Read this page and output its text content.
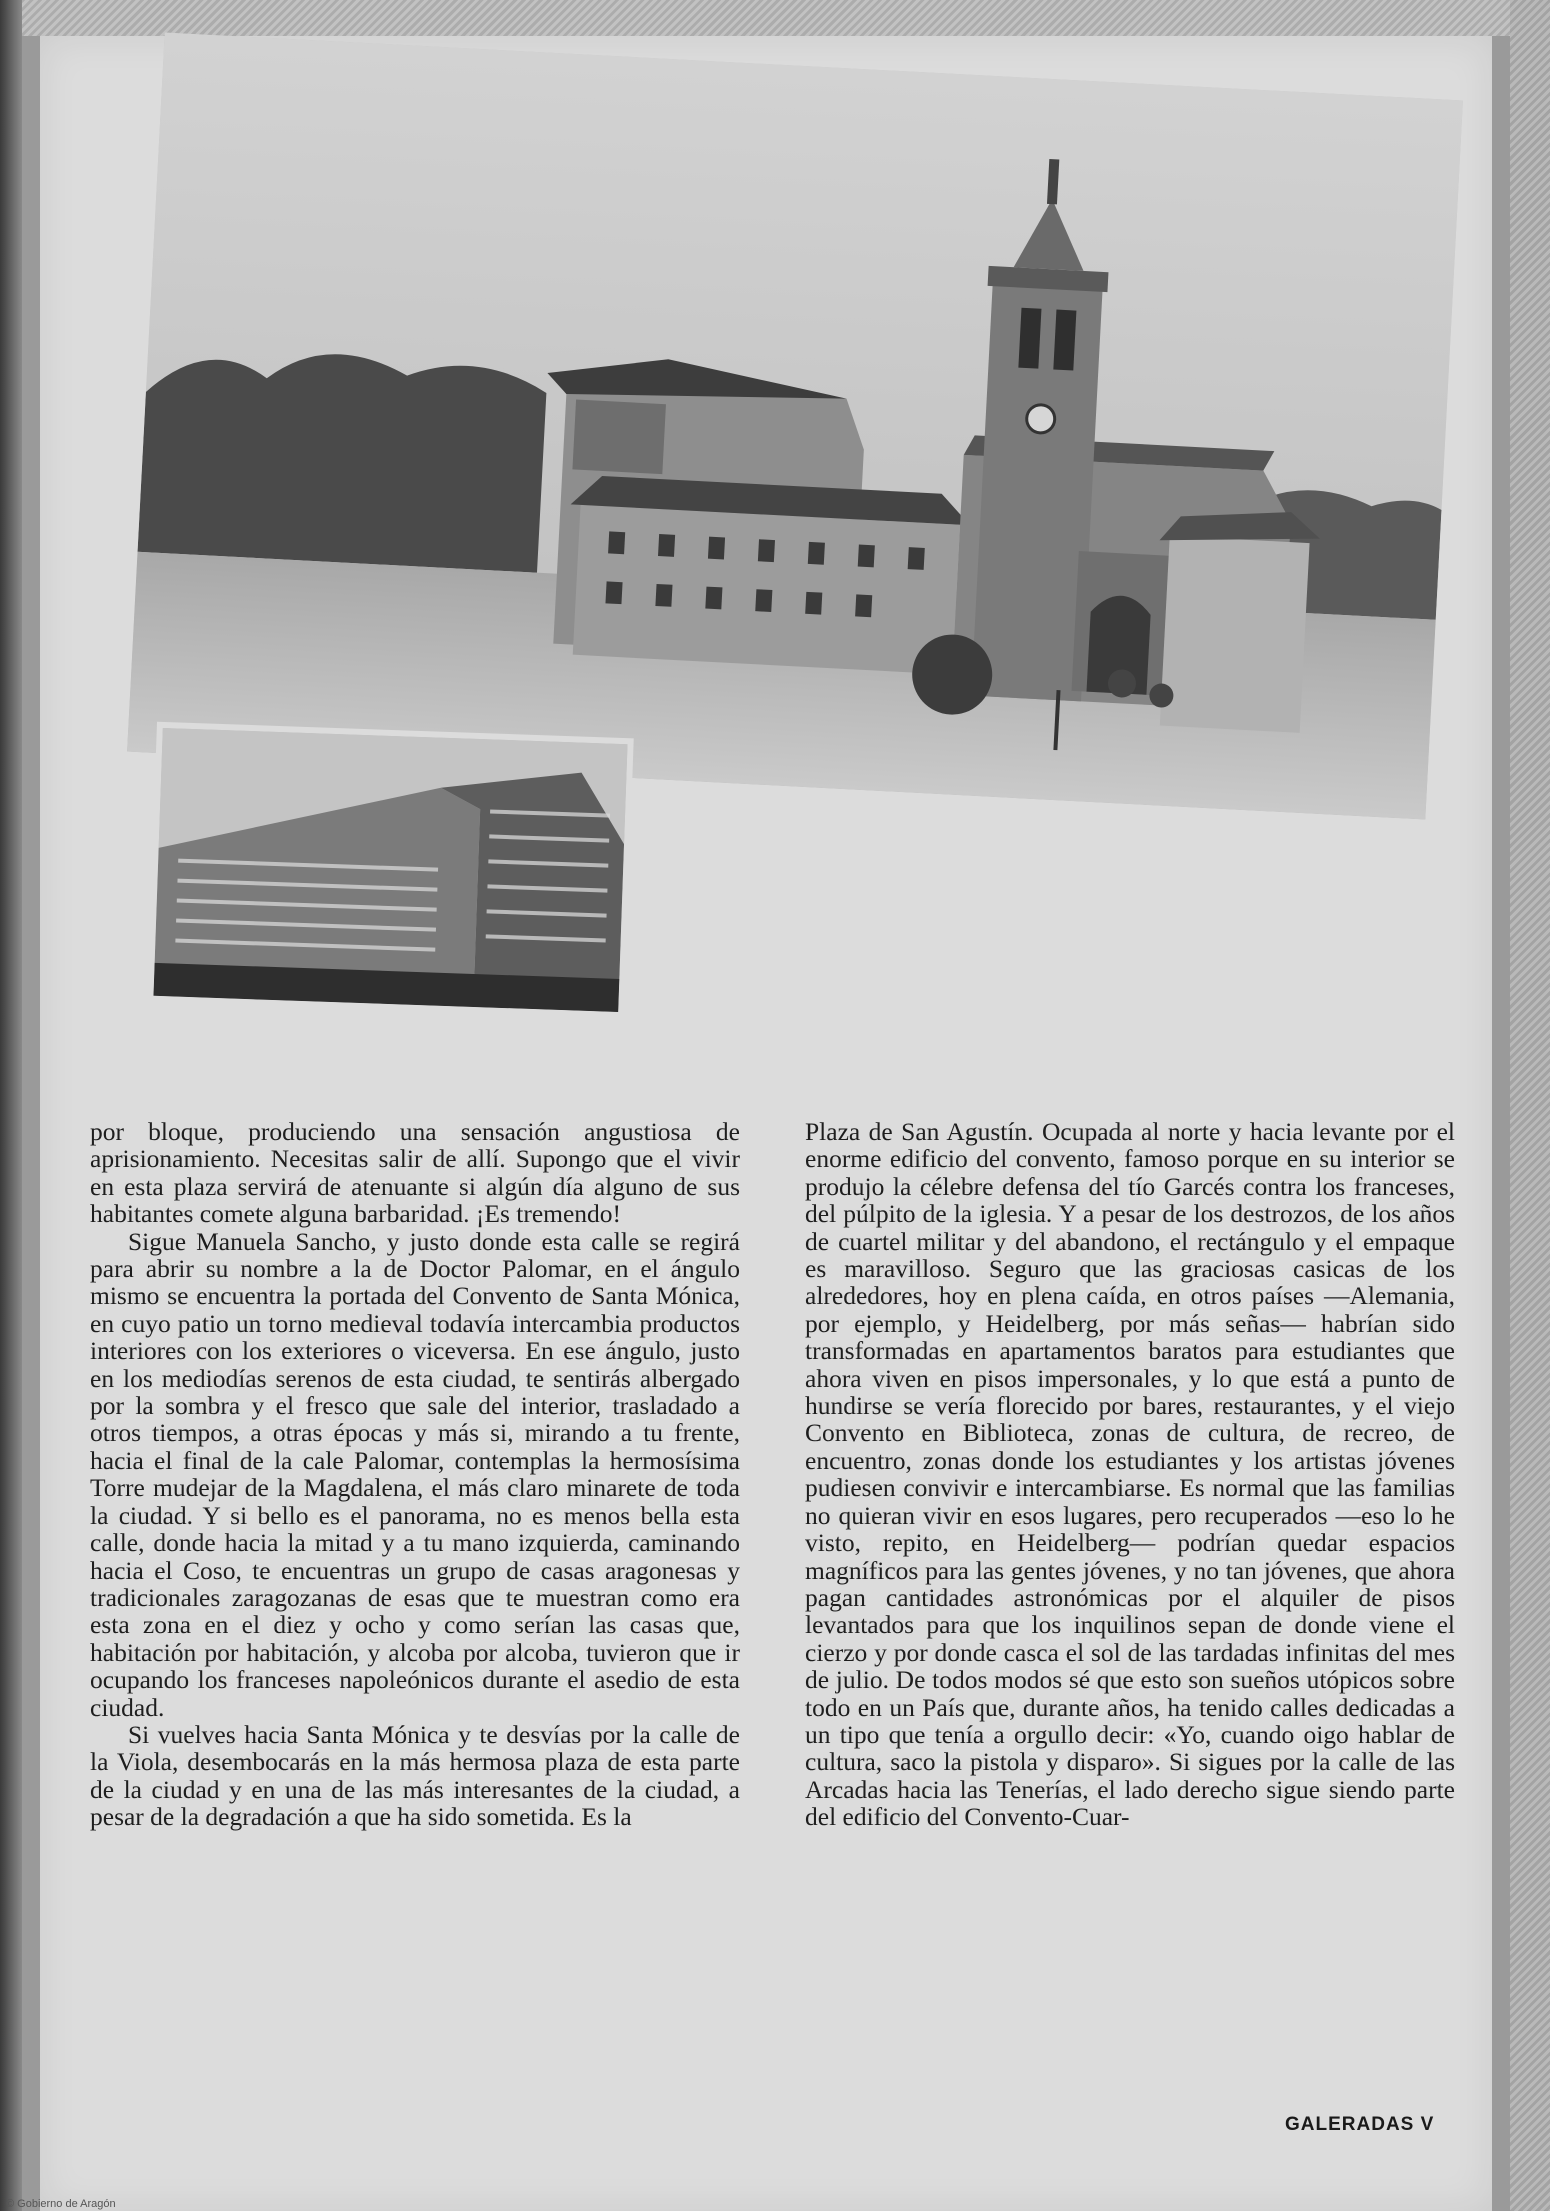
por bloque, produciendo una sensación angustiosa de aprisionamiento. Necesitas salir de allí. Supongo que el vivir en esta plaza servirá de atenuante si algún día alguno de sus habitantes comete alguna barbaridad. ¡Es tremendo!

Sigue Manuela Sancho, y justo donde esta calle se regirá para abrir su nombre a la de Doctor Palomar, en el ángulo mismo se encuentra la portada del Convento de Santa Mónica, en cuyo patio un torno medieval todavía intercambia productos interiores con los exteriores o viceversa. En ese ángulo, justo en los mediodías serenos de esta ciudad, te sentirás albergado por la sombra y el fresco que sale del interior, trasladado a otros tiempos, a otras épocas y más si, mirando a tu frente, hacia el final de la cale Palomar, contemplas la hermosísima Torre mudejar de la Magdalena, el más claro minarete de toda la ciudad. Y si bello es el panorama, no es menos bella esta calle, donde hacia la mitad y a tu mano izquierda, caminando hacia el Coso, te encuentras un grupo de casas aragonesas y tradicionales zaragozanas de esas que te muestran como era esta zona en el diez y ocho y como serían las casas que, habitación por habitación, y alcoba por alcoba, tuvieron que ir ocupando los franceses napoleónicos durante el asedio de esta ciudad.

Si vuelves hacia Santa Mónica y te desvías por la calle de la Viola, desembocarás en la más hermosa plaza de esta parte de la ciudad y en una de las más interesantes de la ciudad, a pesar de la degradación a que ha sido sometida. Es la

Plaza de San Agustín. Ocupada al norte y hacia levante por el enorme edificio del convento, famoso porque en su interior se produjo la célebre defensa del tío Garcés contra los franceses, del púlpito de la iglesia. Y a pesar de los destrozos, de los años de cuartel militar y del abandono, el rectángulo y el empaque es maravilloso. Seguro que las graciosas casicas de los alrededores, hoy en plena caída, en otros países —Alemania, por ejemplo, y Heidelberg, por más señas— habrían sido transformadas en apartamentos baratos para estudiantes que ahora viven en pisos impersonales, y lo que está a punto de hundirse se vería florecido por bares, restaurantes, y el viejo Convento en Biblioteca, zonas de cultura, de recreo, de encuentro, zonas donde los estudiantes y los artistas jóvenes pudiesen convivir e intercambiarse. Es normal que las familias no quieran vivir en esos lugares, pero recuperados —eso lo he visto, repito, en Heidelberg— podrían quedar espacios magníficos para las gentes jóvenes, y no tan jóvenes, que ahora pagan cantidades astronómicas por el alquiler de pisos levantados para que los inquilinos sepan de donde viene el cierzo y por donde casca el sol de las tardadas infinitas del mes de julio. De todos modos sé que esto son sueños utópicos sobre todo en un País que, durante años, ha tenido calles dedicadas a un tipo que tenía a orgullo decir: «Yo, cuando oigo hablar de cultura, saco la pistola y disparo». Si sigues por la calle de las Arcadas hacia las Tenerías, el lado derecho sigue siendo parte del edificio del Convento-Cuar-

GALERADAS V
© Gobierno de Aragón
